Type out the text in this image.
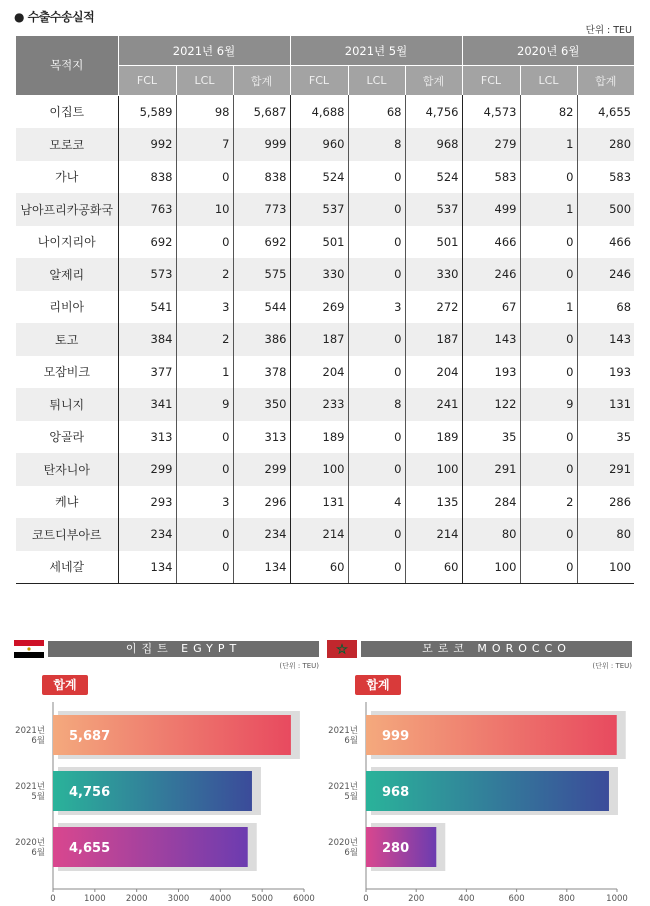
● 수출수송실적
단위 : TEU
목적지	2021년 6월			2021년 5월			2020년 6월		
	FCL	LCL	합계	FCL	LCL	합계	FCL	LCL	합계
이집트	5,589	98	5,687	4,688	68	4,756	4,573	82	4,655
모로코	992	7	999	960	8	968	279	1	280
가나	838	0	838	524	0	524	583	0	583
남아프리카공화국	763	10	773	537	0	537	499	1	500
나이지리아	692	0	692	501	0	501	466	0	466
알제리	573	2	575	330	0	330	246	0	246
리비아	541	3	544	269	3	272	67	1	68
토고	384	2	386	187	0	187	143	0	143
모잠비크	377	1	378	204	0	204	193	0	193
튀니지	341	9	350	233	8	241	122	9	131
앙골라	313	0	313	189	0	189	35	0	35
탄자니아	299	0	299	100	0	100	291	0	291
케냐	293	3	296	131	4	135	284	2	286
코트디부아르	234	0	234	214	0	214	80	0	80
세네갈	134	0	134	60	0	60	100	0	100
이집트 EGYPT
(단위 : TEU)
합계
0	1000 2000 3000 4000 5000 6000
5,687
2021년
6월
4,756
2021년
5월
4,655
2020년
6월
모로코 MOROCCO
(단위 : TEU)
합계
0	200	400	600	800	1000
999
2021년
6월
968
2021년
5월
280
2020년
6월
